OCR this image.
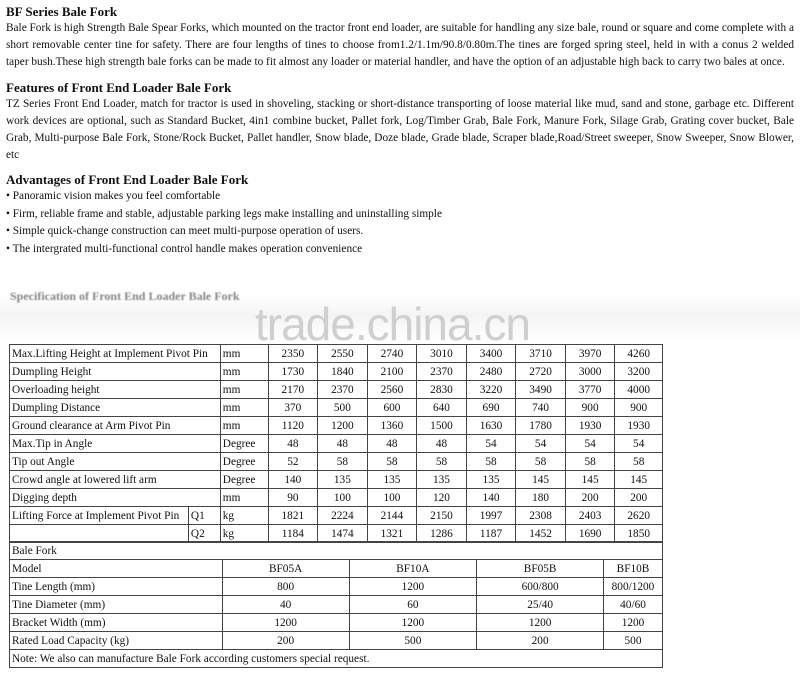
BF Series Bale Fork

Bale Fork is high Strength Bale Spear Forks, which mounted on the tractor front end loader, are suitable for handling any size bale, round or square and come complete with a short removable center tine for safety. There are four lengths of tines to choose from1.2/1.1m/90.8/0.80m.The tines are forged spring steel, held in with a conus 2 welded taper bush.These high strength bale forks can be made to fit almost any loader or material handler, and have the option of an adjustable high back to carry two bales at once.

Features of Front End Loader Bale Fork

TZ Series Front End Loader, match for tractor is used in shoveling, stacking or short-distance transporting of loose material like mud, sand and stone, garbage etc. Different work devices are optional, such as Standard Bucket, 4in1 combine bucket, Pallet fork, Log/Timber Grab, Bale Fork, Manure Fork, Silage Grab, Grating cover bucket, Bale Grab, Multi-purpose Bale Fork, Stone/Rock Bucket, Pallet handler, Snow blade, Doze blade, Grade blade, Scraper blade,Road/Street sweeper, Snow Sweeper, Snow Blower, etc

Advantages of Front End Loader Bale Fork

• Panoramic vision makes you feel comfortable

• Firm, reliable frame and stable, adjustable parking legs make installing and uninstalling simple

• Simple quick-change construction can meet multi-purpose operation of users.

• The intergrated multi-functional control handle makes operation convenience

Specification of Front End Loader Bale Fork
trade.china.cn
Max.Lifting Height at Implement Pivot Pin		mm	2350	2550	2740	3010	3400	3710	3970	4260
Dumpling Height		mm	1730	1840	2100	2370	2480	2720	3000	3200
Overloading height		mm	2170	2370	2560	2830	3220	3490	3770	4000
Dumpling Distance		mm	370	500	600	640	690	740	900	900
Ground clearance at Arm Pivot Pin		mm	1120	1200	1360	1500	1630	1780	1930	1930
Max.Tip in Angle		Degree	48	48	48	48	54	54	54	54
Tip out Angle		Degree	52	58	58	58	58	58	58	58
Crowd angle at lowered lift arm		Degree	140	135	135	135	135	145	145	145
Digging depth		mm	90	100	100	120	140	180	200	200
Lifting Force at Implement Pivot Pin	Q1	kg	1821	2224	2144	2150	1997	2308	2403	2620
	Q2	kg	1184	1474	1321	1286	1187	1452	1690	1850
Bale Fork				
Model	BF05A	BF10A	BF05B	BF10B
Tine Length (mm)	800	1200	600/800	800/1200
Tine Diameter (mm)	40	60	25/40	40/60
Bracket Width (mm)	1200	1200	1200	1200
Rated Load Capacity (kg)	200	500	200	500
Note: We also can manufacture Bale Fork according customers special request.				
